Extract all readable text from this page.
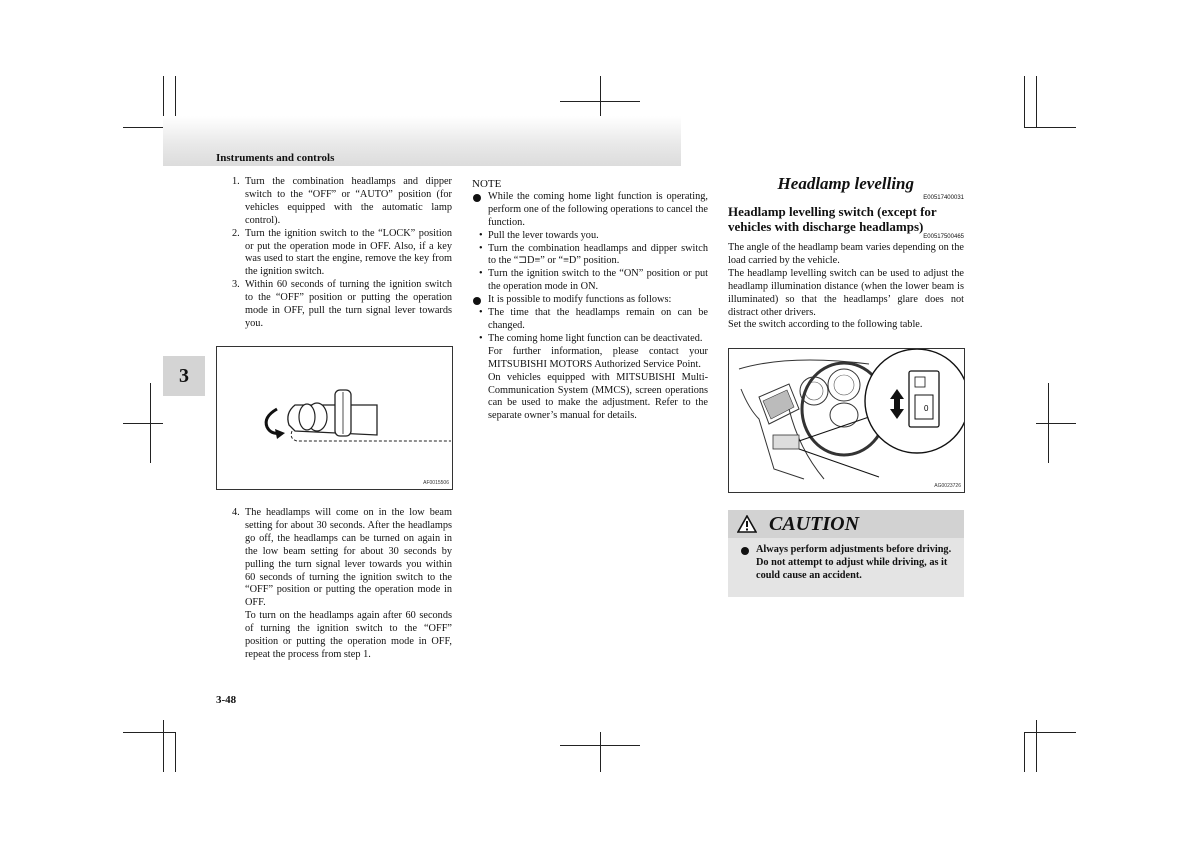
Instruments and controls
3
1. Turn the combination headlamps and dipper switch to the “OFF” or “AUTO” position (for vehicles equipped with the automatic lamp control).
2. Turn the ignition switch to the “LOCK” position or put the operation mode in OFF. Also, if a key was used to start the engine, remove the key from the ignition switch.
3. Within 60 seconds of turning the ignition switch to the “OFF” position or putting the operation mode in OFF, pull the turn signal lever towards you.
AF0015506
4. The headlamps will come on in the low beam setting for about 30 seconds. After the headlamps go off, the headlamps can be turned on again in the low beam setting for about 30 seconds by pulling the turn signal lever towards you within 60 seconds of turning the ignition switch to the “OFF” position or putting the operation mode in OFF.
To turn on the headlamps again after 60 seconds of turning the ignition switch to the “OFF” position or putting the operation mode in OFF, repeat the process from step 1.
NOTE
While the coming home light function is operating, perform one of the following operations to cancel the function.
• Pull the lever towards you.
• Turn the combination headlamps and dipper switch to the “⊐D≡” or “≡D” position.
• Turn the ignition switch to the “ON” position or put the operation mode in ON.
It is possible to modify functions as follows:
• The time that the headlamps remain on can be changed.
• The coming home light function can be deactivated.
For further information, please contact your MITSUBISHI MOTORS Authorized Service Point.
On vehicles equipped with MITSUBISHI Multi-Communication System (MMCS), screen operations can be used to make the adjustment. Refer to the separate owner’s manual for details.
Headlamp levelling
E00517400031
Headlamp levelling switch (except for vehicles with discharge headlamps)
E00517500465
The angle of the headlamp beam varies depending on the load carried by the vehicle.
The headlamp levelling switch can be used to adjust the headlamp illumination distance (when the lower beam is illuminated) so that the headlamps’ glare does not distract other drivers.
Set the switch according to the following table.
0
AG0023726
CAUTION
Always perform adjustments before driving.
Do not attempt to adjust while driving, as it could cause an accident.
3-48
